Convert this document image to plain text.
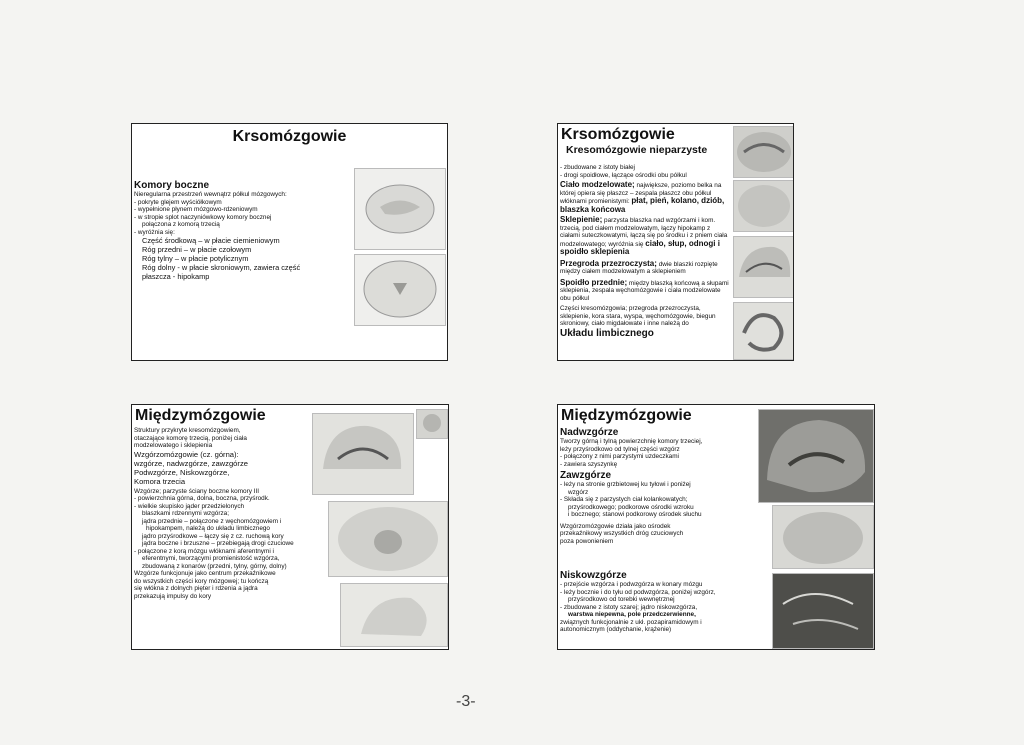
Krsomózgowie
Komory boczne
Nieregularna przestrzeń wewnątrz półkul mózgowych:
- pokryte glejem wyściółkowym
- wypełnione płynem mózgowo-rdzeniowym
- w stropie splot naczyniówkowy komory bocznej
połączona z komorą trzecią
- wyróżnia się:
Część środkową – w płacie ciemieniowym
Róg przedni – w płacie czołowym
Róg tylny – w płacie potylicznym
Róg dolny - w płacie skroniowym, zawiera część
płaszcza - hipokamp
Krsomózgowie
Kresomózgowie nieparzyste
- zbudowane z istoty białej
- drogi spoidłowe, łączące ośrodki obu półkul
Ciało modzelowate; największe, poziomo belka na której opiera się płaszcz – zespala płaszcz obu półkul włóknami promienistymi: płat, pień, kolano, dziób, blaszka końcowa
Sklepienie; parzysta blaszka nad wzgórzami i kom. trzecią, pod ciałem modzelowatym, łączy hipokamp z ciałami suteczkowatymi, łączą się po środku i z pniem ciała modzelowatego; wyróżnia się ciało, słup, odnogi i spoidło sklepienia
Przegroda przezroczysta; dwie blaszki rozpięte między ciałem modzelowatym a sklepieniem
Spoidło przednie; między blaszką końcową a słupami sklepienia, zespala węchomózgowie i ciała modzelowate obu półkul
Części kresomózgowia; przegroda przezroczysta, sklepienie, kora stara, wyspa, węchomózgowie, biegun skroniowy, ciało migdałowate i inne należą do
Układu limbicznego
Międzymózgowie
Struktury przykryte kresomózgowiem,
otaczające komorę trzecią, poniżej ciała
modzelowatego i sklepienia
Wzgórzomózgowie (cz. górna):
wzgórze, nadwzgórze, zawzgórze
Podwzgórze, Niskowzgórze,
Komora trzecia
Wzgórze; parzyste ściany boczne komory III
- powierzchnia górna, dolna, boczna, przyśrodk.
- wielkie skupisko jąder przedzielonych
blaszkami rdzennymi wzgórza;
jądra przednie – połączone z węchomózgowiem i
hipokampem, należą do układu limbicznego
jądro przyśrodkowe – łączy się z cz. ruchową kory
jądra boczne i brzuszne – przebiegają drogi czuciowe
- połączone z korą mózgu włóknami aferentnymi i
eferentnymi, tworzącymi promienistość wzgórza,
zbudowaną z konarów (przedni, tylny, górny, dolny)
Wzgórze funkcjonuje jako centrum przekaźnikowe
do wszystkich części kory mózgowej; tu kończą
się włókna z dolnych pięter i rdzenia a jądra
przekazują impulsy do kory
Międzymózgowie
Nadwzgórze
Tworzy górną i tylną powierzchnię komory trzeciej,
leży przyśrodkowo od tylnej części wzgórz
- połączony z nimi parzystymi uzdeczkami
- zawiera szyszynkę
Zawzgórze
- leży na stronie grzbietowej ku tyłowi i poniżej
wzgórz
- Składa się z parzystych ciał kolankowatych;
przyśrodkowego; podkorowe ośrodki wzroku
i bocznego; stanowi podkorowy ośrodek słuchu
Wzgórzomózgowie działa jako ośrodek
przekaźnikowy wszystkich dróg czuciowych
poza powonieniem
Niskowzgórze
- przejście wzgórza i podwzgórza w konary mózgu
- leży bocznie i do tyłu od podwzgórza, poniżej wzgórz,
przyśrodkowo od torebki wewnętrznej
- zbudowane z istoty szarej; jądro niskowzgórza,
warstwa niepewna, pole przedczerwienne,
związnych funkcjonalnie z ukł. pozapiramidowym i
autonomicznym (oddychanie, krążenie)
-3-
